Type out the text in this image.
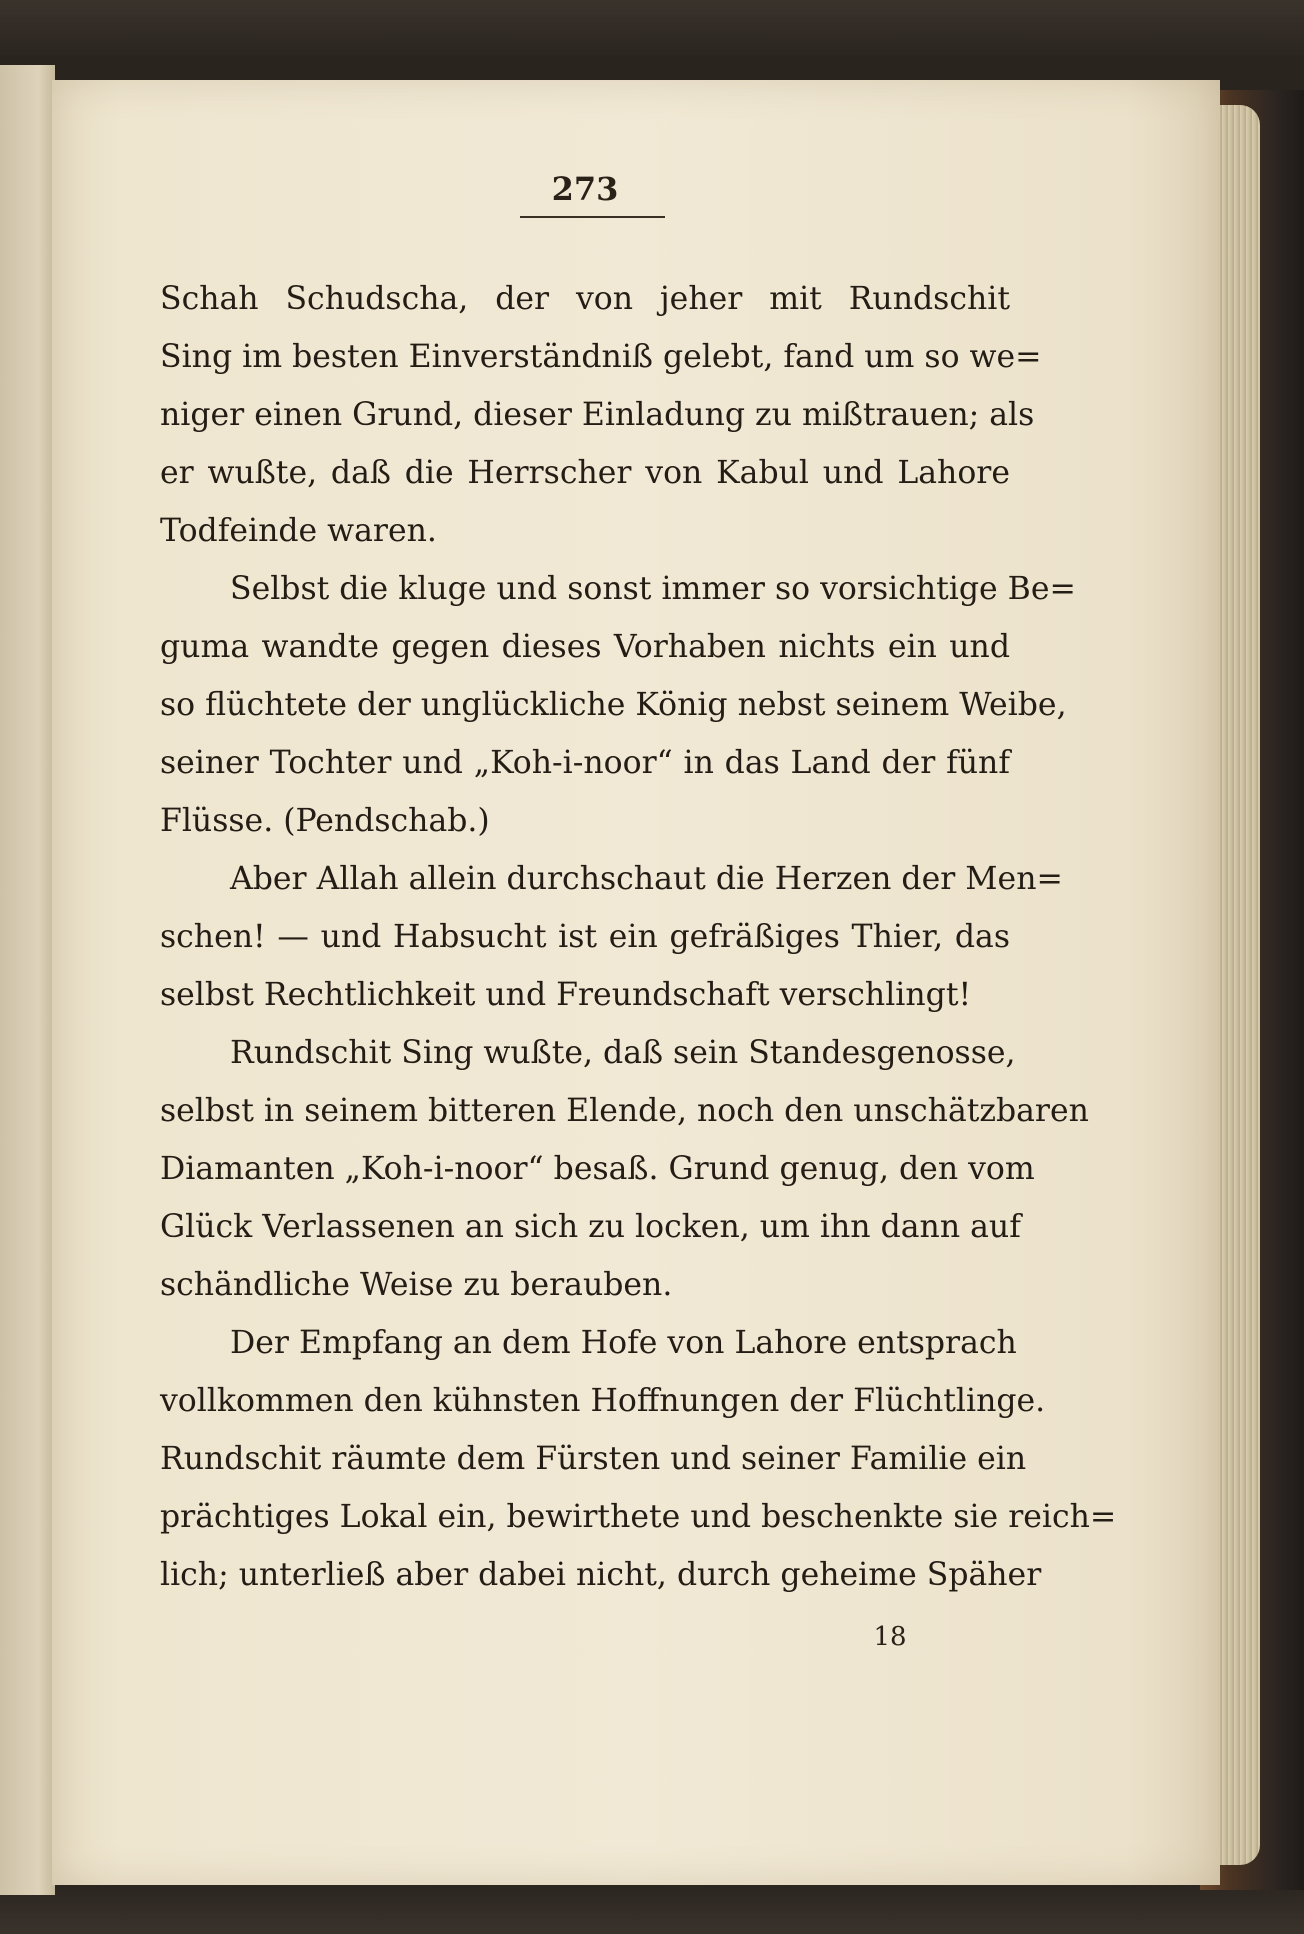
273
Schah Schudscha, der von jeher mit Rundschit
Sing im besten Einverständniß gelebt, fand um so we=
niger einen Grund, dieser Einladung zu mißtrauen; als
er wußte, daß die Herrscher von Kabul und Lahore
Todfeinde waren.
Selbst die kluge und sonst immer so vorsichtige Be=
guma wandte gegen dieses Vorhaben nichts ein und
so flüchtete der unglückliche König nebst seinem Weibe,
seiner Tochter und „Koh-i-noor“ in das Land der fünf
Flüsse. (Pendschab.)
Aber Allah allein durchschaut die Herzen der Men=
schen! — und Habsucht ist ein gefräßiges Thier, das
selbst Rechtlichkeit und Freundschaft verschlingt!
Rundschit Sing wußte, daß sein Standesgenosse,
selbst in seinem bitteren Elende, noch den unschätzbaren
Diamanten „Koh-i-noor“ besaß. Grund genug, den vom
Glück Verlassenen an sich zu locken, um ihn dann auf
schändliche Weise zu berauben.
Der Empfang an dem Hofe von Lahore entsprach
vollkommen den kühnsten Hoffnungen der Flüchtlinge.
Rundschit räumte dem Fürsten und seiner Familie ein
prächtiges Lokal ein, bewirthete und beschenkte sie reich=
lich; unterließ aber dabei nicht, durch geheime Späher
18
